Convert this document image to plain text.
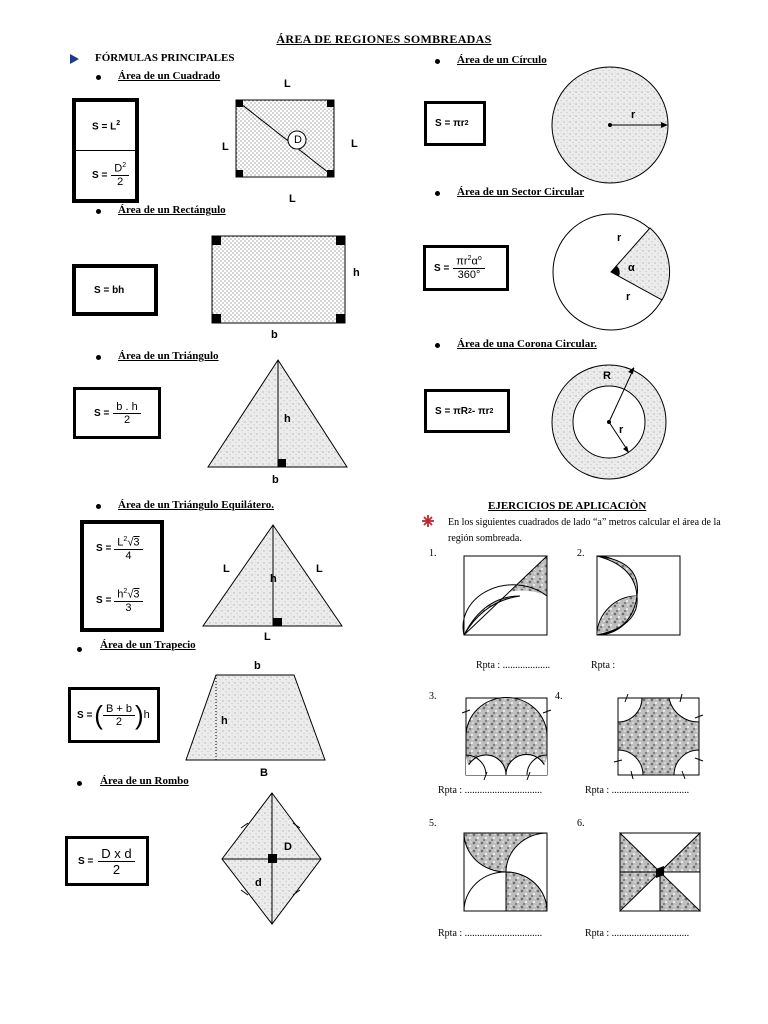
ÁREA DE REGIONES SOMBREADAS
FÓRMULAS PRINCIPALES
Área de un Cuadrado
$S = L^2$
$S = \frac{D^2}{2}$
D
L
L	L
L
Área de un Rectángulo
S = bh
h
b
Área de un Triángulo
$S = \frac{b . h}{2}$	h
b
Área de un Triángulo Equilátero.
$S = \frac{L^2√3}{4}$
$S = \frac{h^2√3}{3}$
L	L
h
L
Área de un Trapecio
S = ( $\frac{B + b}{2}$ ) h
b
h
B
Área de un Rombo
$S = \frac{\text{D x d}}{2}$	D
d
Área de un Círculo
S = πr 2
r
Área de un Sector Circular
$S = \frac{\pi r^2\alpha^o}{360^\circ}$
r
α
r
Área de una Corona Circular.
S = πR 2 - πr 2
R
r
EJERCICIOS DE APLICACIÒN
En los siguientes cuadrados de lado “a” metros calcular el área de la región sombreada.
1.	2.
3.	4.
5.	6.
Rpta : ...................	Rpta :
Rpta : ...............................	Rpta : ...............................
Rpta : ...............................	Rpta : ...............................
